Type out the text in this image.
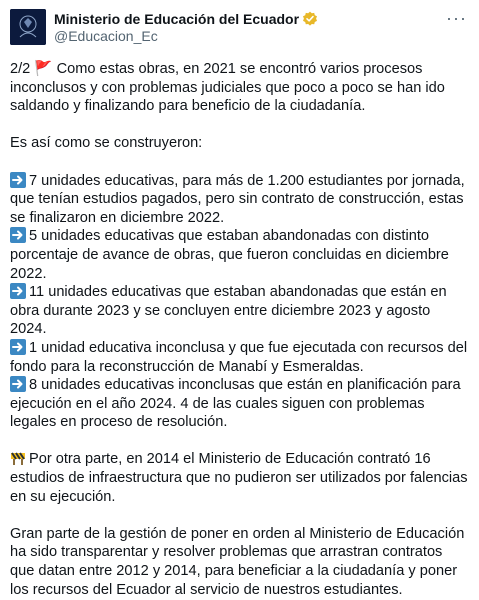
Ministerio de Educación del Ecuador
@Educacion_Ec
···

2/2 🚩 Como estas obras, en 2021 se encontró varios procesos inconclusos y con problemas judiciales que poco a poco se han ido saldando y finalizando para beneficio de la ciudadanía.

Es así como se construyeron:

7 unidades educativas, para más de 1.200 estudiantes por jornada, que tenían estudios pagados, pero sin contrato de construcción, estas se finalizaron en diciembre 2022.

5 unidades educativas que estaban abandonadas con distinto porcentaje de avance de obras, que fueron concluidas en diciembre 2022.

11 unidades educativas que estaban abandonadas que están en obra durante 2023 y se concluyen entre diciembre 2023 y agosto 2024.

1 unidad educativa inconclusa y que fue ejecutada con recursos del fondo para la reconstrucción de Manabí y Esmeraldas.

8 unidades educativas inconclusas que están en planificación para ejecución en el año 2024. 4 de las cuales siguen con problemas legales en proceso de resolución.

Por otra parte, en 2014 el Ministerio de Educación contrató 16 estudios de infraestructura que no pudieron ser utilizados por falencias en su ejecución.

Gran parte de la gestión de poner en orden al Ministerio de Educación ha sido transparentar y resolver problemas que arrastran contratos que datan entre 2012 y 2014, para beneficiar a la ciudadanía y poner los recursos del Ecuador al servicio de nuestros estudiantes.
